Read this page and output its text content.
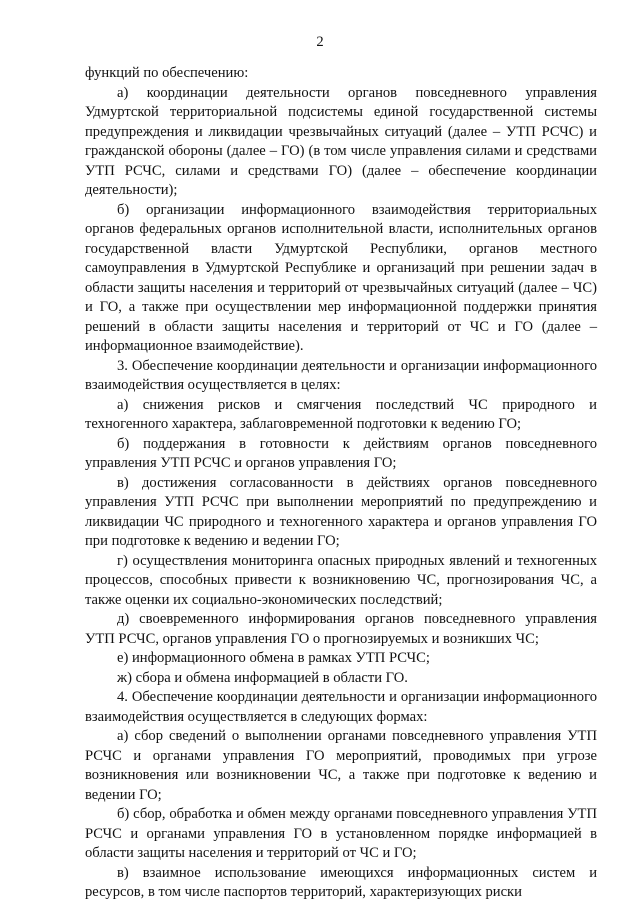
2

функций по обеспечению:

а) координации деятельности органов повседневного управления Удмуртской территориальной подсистемы единой государственной системы предупреждения и ликвидации чрезвычайных ситуаций (далее – УТП РСЧС) и гражданской обороны (далее – ГО) (в том числе управления силами и средствами УТП РСЧС, силами и средствами ГО) (далее – обеспечение координации деятельности);

б) организации информационного взаимодействия территориальных органов федеральных органов исполнительной власти, исполнительных органов государственной власти Удмуртской Республики, органов местного самоуправления в Удмуртской Республике и организаций при решении задач в области защиты населения и территорий от чрезвычайных ситуаций (далее – ЧС) и ГО, а также при осуществлении мер информационной поддержки принятия решений в области защиты населения и территорий от ЧС и ГО (далее – информационное взаимодействие).

3. Обеспечение координации деятельности и организации информационного взаимодействия осуществляется в целях:

а) снижения рисков и смягчения последствий ЧС природного и техногенного характера, заблаговременной подготовки к ведению ГО;

б) поддержания в готовности к действиям органов повседневного управления УТП РСЧС и органов управления ГО;

в) достижения согласованности в действиях органов повседневного управления УТП РСЧС при выполнении мероприятий по предупреждению и ликвидации ЧС природного и техногенного характера и органов управления ГО при подготовке к ведению и ведении ГО;

г) осуществления мониторинга опасных природных явлений и техногенных процессов, способных привести к возникновению ЧС, прогнозирования ЧС, а также оценки их социально-экономических последствий;

д) своевременного информирования органов повседневного управления УТП РСЧС, органов управления ГО о прогнозируемых и возникших ЧС;

е) информационного обмена в рамках УТП РСЧС;

ж) сбора и обмена информацией в области ГО.

4. Обеспечение координации деятельности и организации информационного взаимодействия осуществляется в следующих формах:

а) сбор сведений о выполнении органами повседневного управления УТП РСЧС и органами управления ГО мероприятий, проводимых при угрозе возникновения или возникновении ЧС, а также при подготовке к ведению и ведении ГО;

б) сбор, обработка и обмен между органами повседневного управления УТП РСЧС и органами управления ГО в установленном порядке информацией в области защиты населения и территорий от ЧС и ГО;

в) взаимное использование имеющихся информационных систем и ресурсов, в том числе паспортов территорий, характеризующих риски
